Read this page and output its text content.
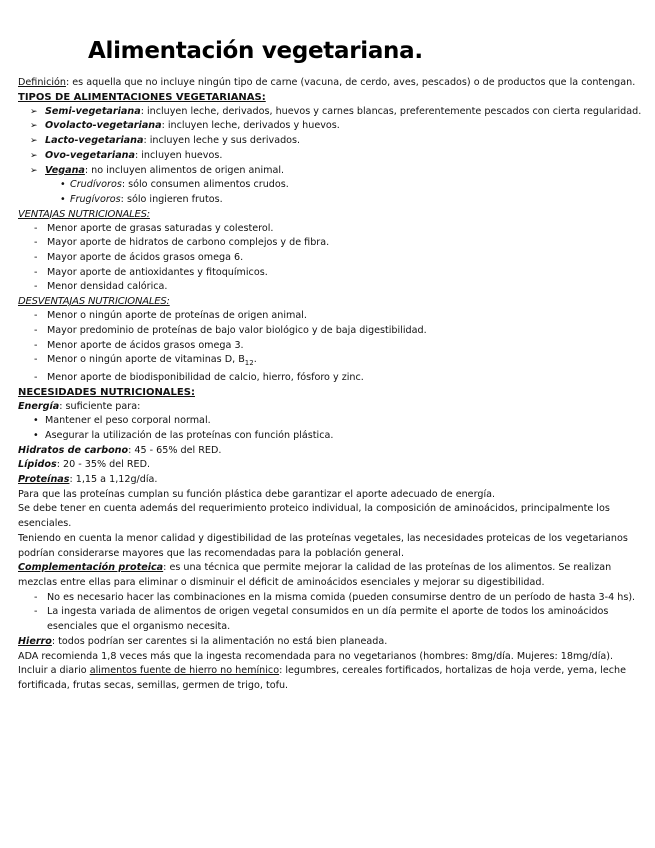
Alimentación vegetariana.

Definición: es aquella que no incluye ningún tipo de carne (vacuna, de cerdo, aves, pescados) o de productos que la contengan.

TIPOS DE ALIMENTACIONES VEGETARIANAS:

➢ Semi-vegetariana: incluyen leche, derivados, huevos y carnes blancas, preferentemente pescados con cierta regularidad.
➢ Ovolacto-vegetariana: incluyen leche, derivados y huevos.
➢ Lacto-vegetariana: incluyen leche y sus derivados.
➢ Ovo-vegetariana: incluyen huevos.
➢ Vegana: no incluyen alimentos de origen animal.
• Crudívoros: sólo consumen alimentos crudos.
• Frugívoros: sólo ingieren frutos.

VENTAJAS NUTRICIONALES:

- Menor aporte de grasas saturadas y colesterol.
- Mayor aporte de hidratos de carbono complejos y de fibra.
- Mayor aporte de ácidos grasos omega 6.
- Mayor aporte de antioxidantes y fitoquímicos.
- Menor densidad calórica.

DESVENTAJAS NUTRICIONALES:

- Menor o ningún aporte de proteínas de origen animal.
- Mayor predominio de proteínas de bajo valor biológico y de baja digestibilidad.
- Menor aporte de ácidos grasos omega 3.
- Menor o ningún aporte de vitaminas D, $B_{12}$.
- Menor aporte de biodisponibilidad de calcio, hierro, fósforo y zinc.

NECESIDADES NUTRICIONALES:

Energía: suficiente para:

• Mantener el peso corporal normal.
• Asegurar la utilización de las proteínas con función plástica.

Hidratos de carbono: 45 - 65% del RED.

Lípidos: 20 - 35% del RED.

Proteínas: 1,15 a 1,12g/día.

Para que las proteínas cumplan su función plástica debe garantizar el aporte adecuado de energía.

Se debe tener en cuenta además del requerimiento proteico individual, la composición de aminoácidos, principalmente los esenciales.

Teniendo en cuenta la menor calidad y digestibilidad de las proteínas vegetales, las necesidades proteicas de los vegetarianos podrían considerarse mayores que las recomendadas para la población general.

Complementación proteica: es una técnica que permite mejorar la calidad de las proteínas de los alimentos. Se realizan mezclas entre ellas para eliminar o disminuir el déficit de aminoácidos esenciales y mejorar su digestibilidad.

- No es necesario hacer las combinaciones en la misma comida (pueden consumirse dentro de un período de hasta 3-4 hs).
- La ingesta variada de alimentos de origen vegetal consumidos en un día permite el aporte de todos los aminoácidos esenciales que el organismo necesita.

Hierro: todos podrían ser carentes si la alimentación no está bien planeada.

ADA recomienda 1,8 veces más que la ingesta recomendada para no vegetarianos (hombres: 8mg/día. Mujeres: 18mg/día).

Incluir a diario alimentos fuente de hierro no hemínico: legumbres, cereales fortificados, hortalizas de hoja verde, yema, leche fortificada, frutas secas, semillas, germen de trigo, tofu.
